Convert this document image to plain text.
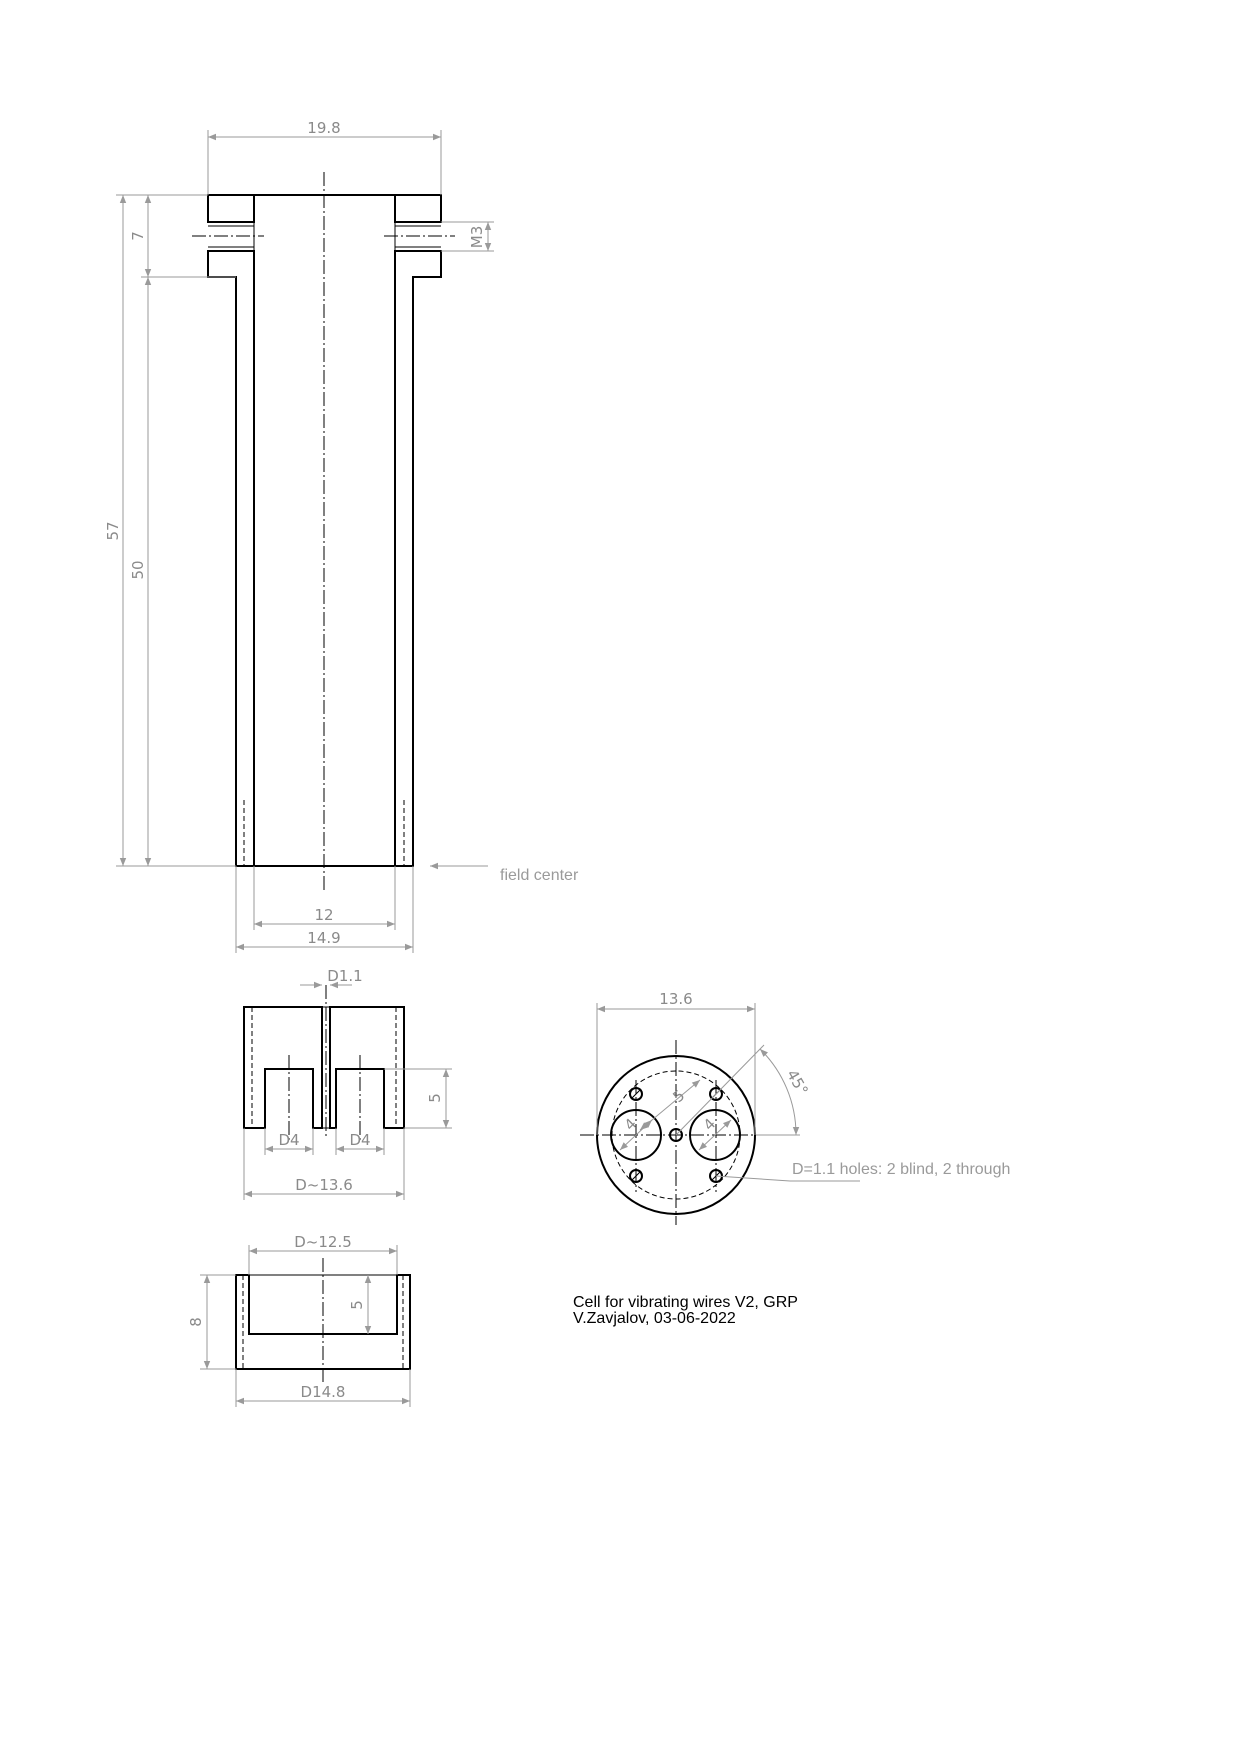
19.8
57
50
7	M3
12
14.9
field center
D1.1
D4	D4
5
D~13.6
13.6
45°
5
4	4
D=1.1 holes: 2 blind, 2 through
D~12.5
8
5
D14.8
Cell for vibrating wires V2, GRP
V.Zavjalov, 03-06-2022
